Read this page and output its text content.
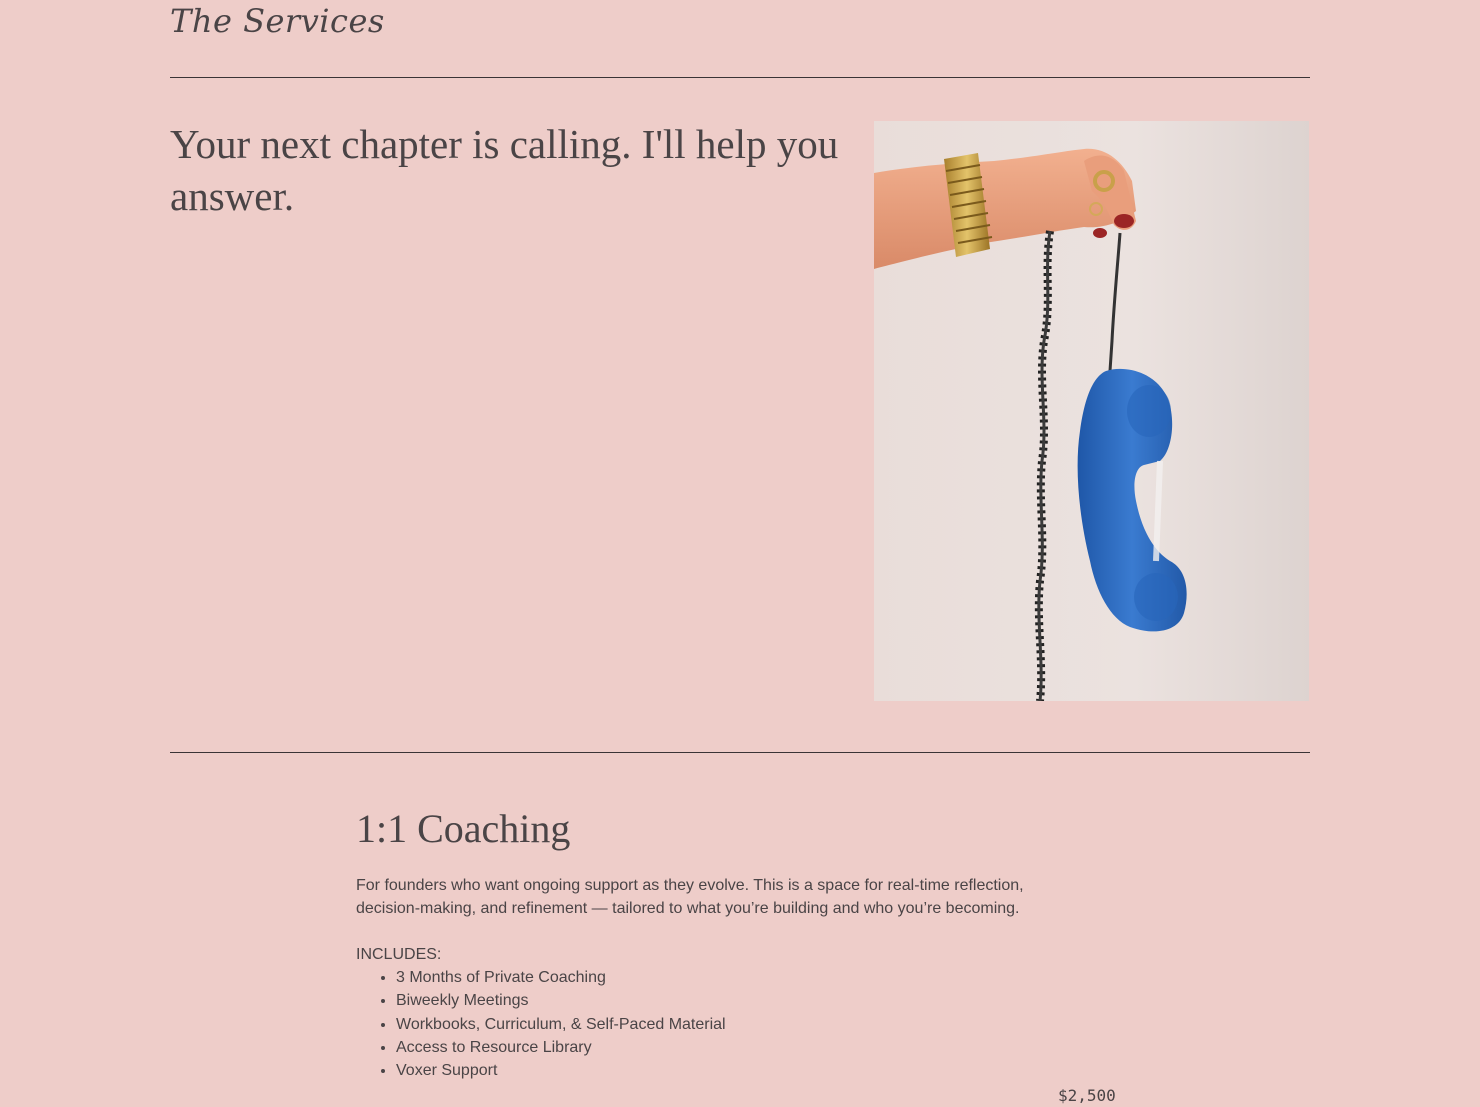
The Services
Your next chapter is calling. I'll help you answer.
1:1 Coaching

For founders who want ongoing support as they evolve. This is a space for real-time reflection, decision-making, and refinement — tailored to what you’re building and who you’re becoming.

INCLUDES:

• 3 Months of Private Coaching
• Biweekly Meetings
• Workbooks, Curriculum, & Self-Paced Material
• Access to Resource Library
• Voxer Support
$2,500
